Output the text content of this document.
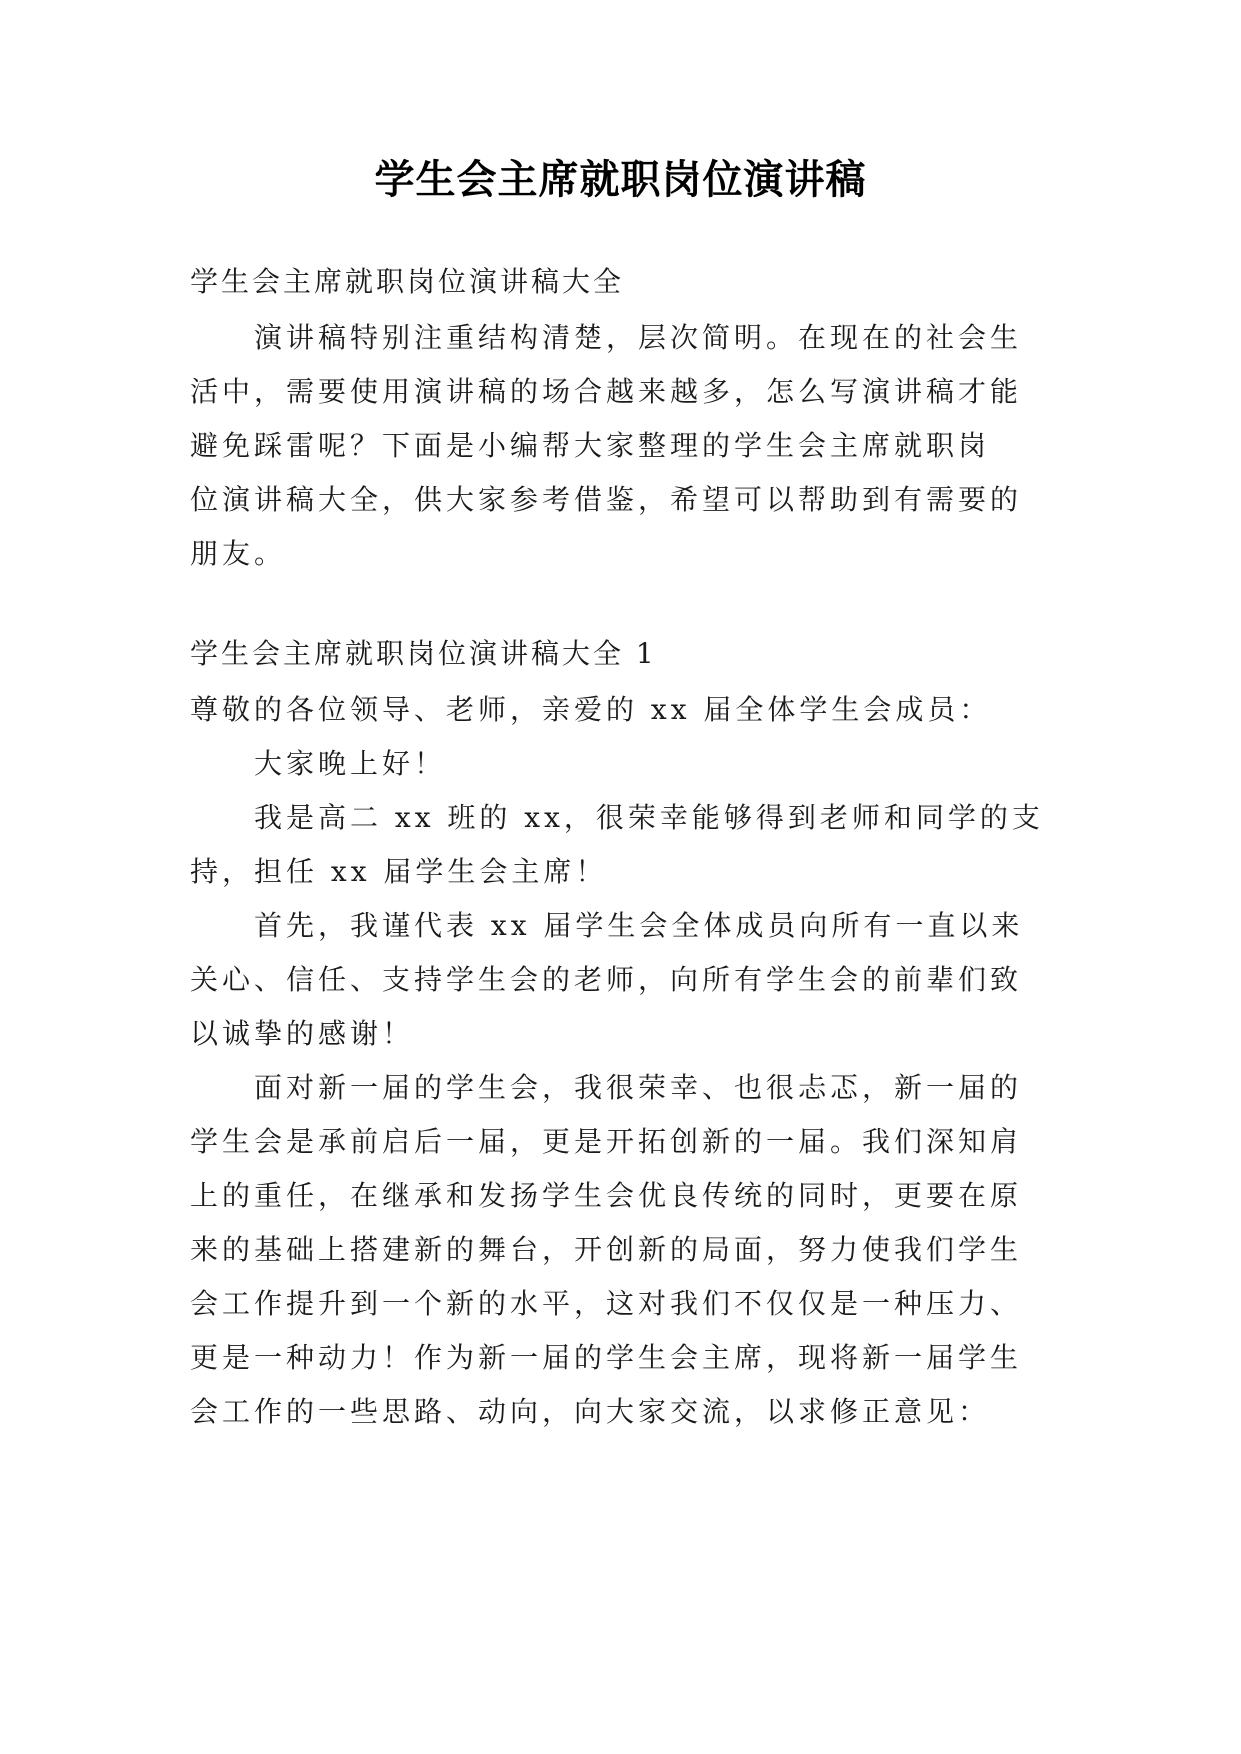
学生会主席就职岗位演讲稿
学生会主席就职岗位演讲稿大全
演讲稿特别注重结构清楚，层次简明。在现在的社会生
活中，需要使用演讲稿的场合越来越多，怎么写演讲稿才能
避免踩雷呢？下面是小编帮大家整理的学生会主席就职岗
位演讲稿大全，供大家参考借鉴，希望可以帮助到有需要的
朋友。
学生会主席就职岗位演讲稿大全 1
尊敬的各位领导、老师，亲爱的 xx 届全体学生会成员：
大家晚上好！
我是高二 xx 班的 xx，很荣幸能够得到老师和同学的支
持，担任 xx 届学生会主席！
首先，我谨代表 xx 届学生会全体成员向所有一直以来
关心、信任、支持学生会的老师，向所有学生会的前辈们致
以诚挚的感谢！
面对新一届的学生会，我很荣幸、也很忐忑，新一届的
学生会是承前启后一届，更是开拓创新的一届。我们深知肩
上的重任，在继承和发扬学生会优良传统的同时，更要在原
来的基础上搭建新的舞台，开创新的局面，努力使我们学生
会工作提升到一个新的水平，这对我们不仅仅是一种压力、
更是一种动力！作为新一届的学生会主席，现将新一届学生
会工作的一些思路、动向，向大家交流，以求修正意见：
